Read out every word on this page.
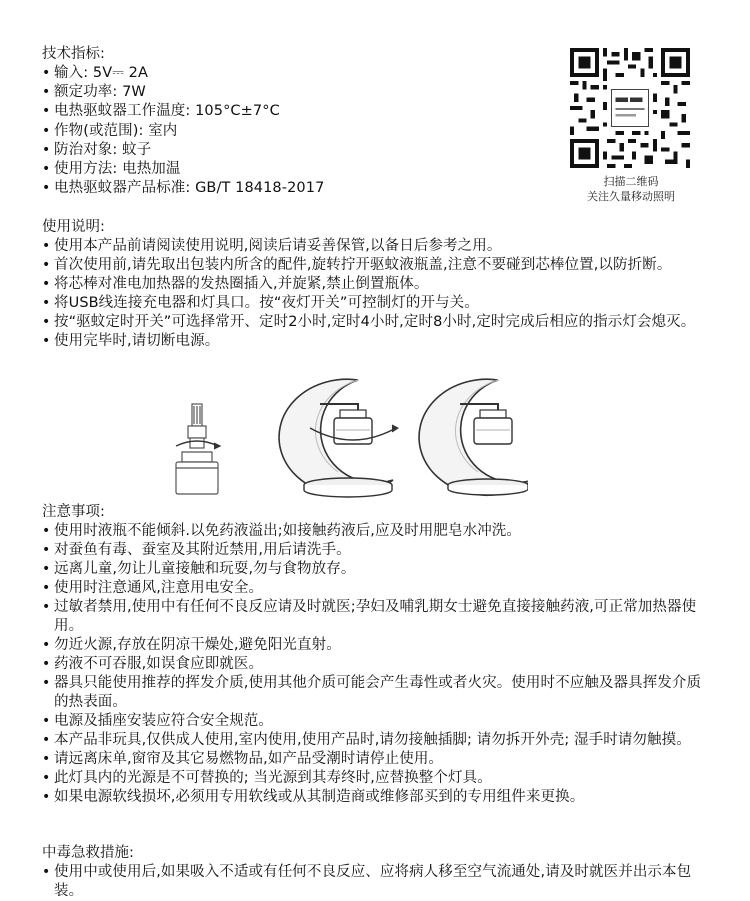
技术指标:
• 输入: 5V⎓ 2A
• 额定功率: 7W
• 电热驱蚊器工作温度: 105°C±7°C
• 作物(或范围): 室内
• 防治对象: 蚊子
• 使用方法: 电热加温
• 电热驱蚊器产品标准: GB/T 18418-2017	扫描二维码
关注久量移动照明
使用说明:
• 使用本产品前请阅读使用说明,阅读后请妥善保管,以备日后参考之用。
• 首次使用前,请先取出包装内所含的配件,旋转拧开驱蚊液瓶盖,注意不要碰到芯棒位置,以防折断。
• 将芯棒对准电加热器的发热圈插入,并旋紧,禁止倒置瓶体。
• 将USB线连接充电器和灯具口。按“夜灯开关”可控制灯的开与关。
• 按“驱蚊定时开关”可选择常开、定时2小时,定时4小时,定时8小时,定时完成后相应的指示灯会熄灭。
• 使用完毕时,请切断电源。
注意事项:
• 使用时液瓶不能倾斜.以免药液溢出;如接触药液后,应及时用肥皂水冲洗。
• 对蚕鱼有毒、蚕室及其附近禁用,用后请洗手。
• 远离儿童,勿让儿童接触和玩耍,勿与食物放存。
• 使用时注意通风,注意用电安全。
• 过敏者禁用,使用中有任何不良反应请及时就医;孕妇及哺乳期女士避免直接接触药液,可正常加热器使用。
• 勿近火源,存放在阴凉干燥处,避免阳光直射。
• 药液不可吞服,如误食应即就医。
• 器具只能使用推荐的挥发介质,使用其他介质可能会产生毒性或者火灾。使用时不应触及器具挥发介质的热表面。
• 电源及插座安装应符合安全规范。
• 本产品非玩具,仅供成人使用,室内使用,使用产品时,请勿接触插脚; 请勿拆开外壳; 湿手时请勿触摸。
• 请远离床单,窗帘及其它易燃物品,如产品受潮时请停止使用。
• 此灯具内的光源是不可替换的; 当光源到其寿终时,应替换整个灯具。
• 如果电源软线损坏,必须用专用软线或从其制造商或维修部买到的专用组件来更换。
中毒急救措施:
• 使用中或使用后,如果吸入不适或有任何不良反应、应将病人移至空气流通处,请及时就医并出示本包装。
